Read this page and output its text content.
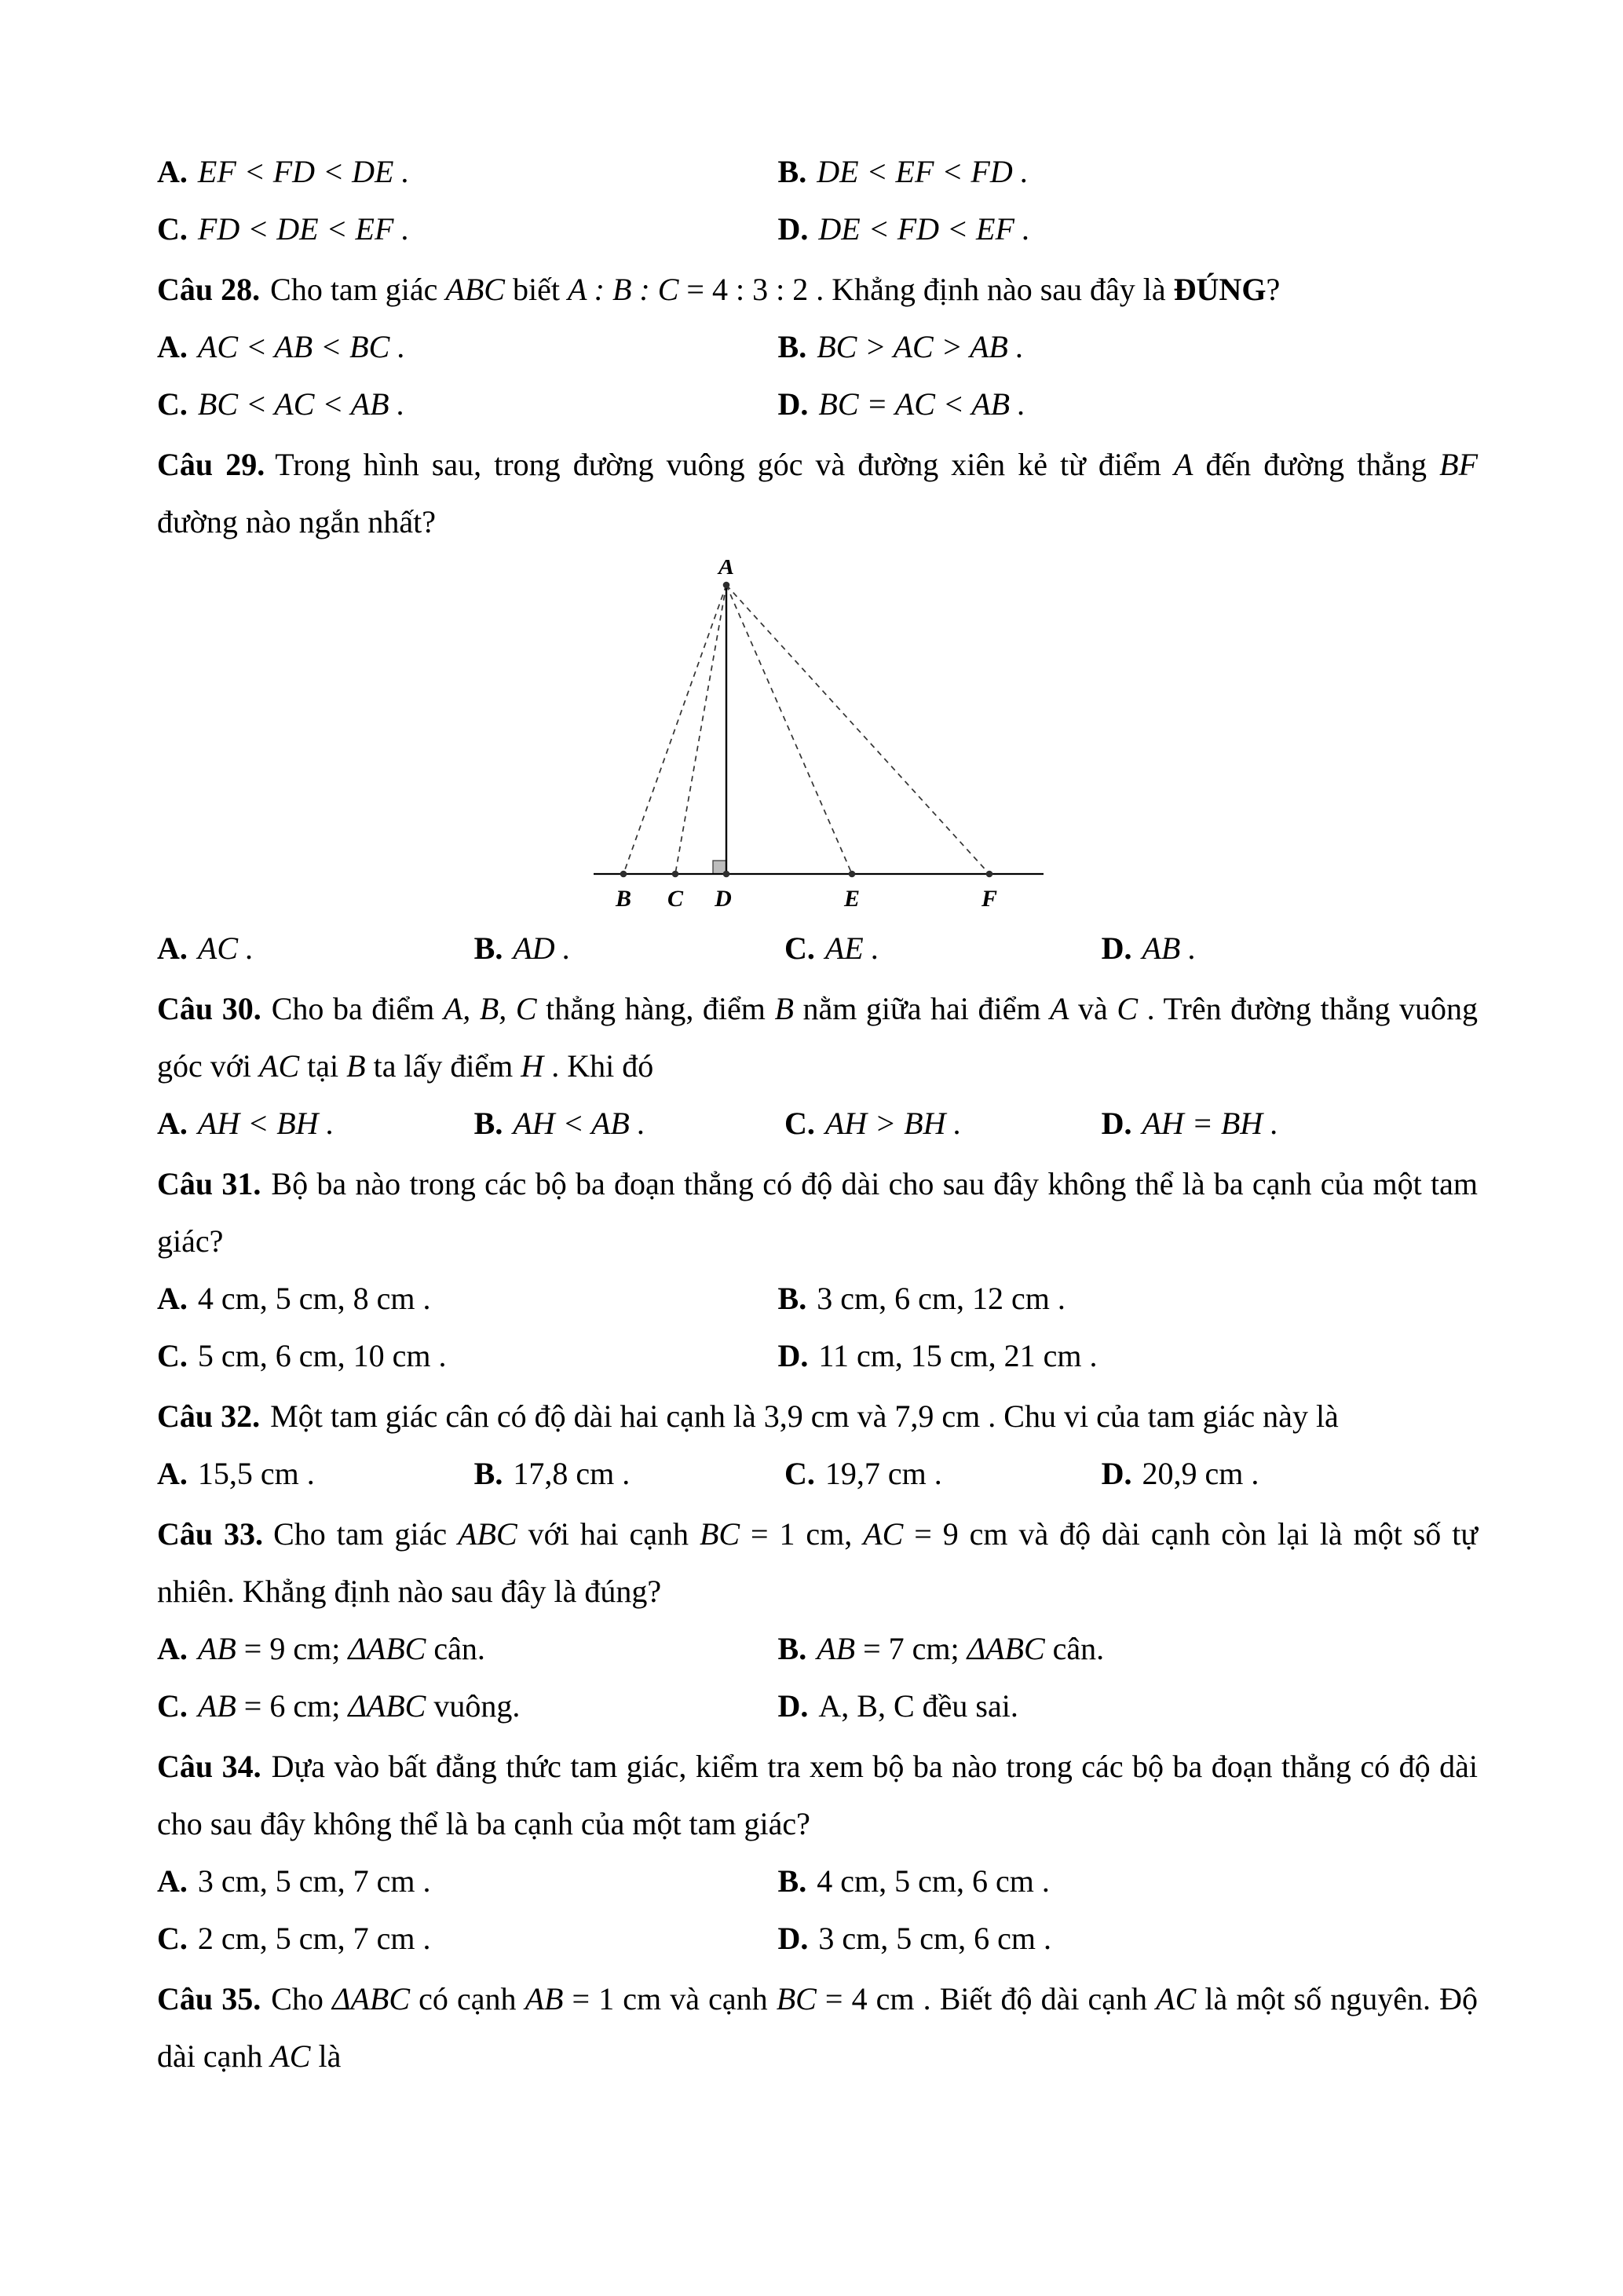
A. EF < FD < DE .	B. DE < EF < FD .
C. FD < DE < EF .	D. DE < FD < EF .

Câu 28. Cho tam giác ABC biết A : B : C = 4 : 3 : 2 . Khẳng định nào sau đây là ĐÚNG?

A. AC < AB < BC .	B. BC > AC > AB .
C. BC < AC < AB .	D. BC = AC < AB .

Câu 29. Trong hình sau, trong đường vuông góc và đường xiên kẻ từ điểm A đến đường thẳng BF đường nào ngắn nhất?

A
B C D	E	F
A. AC .	B. AD .	C. AE .	D. AB .

Câu 30. Cho ba điểm A, B, C thẳng hàng, điểm B nằm giữa hai điểm A và C . Trên đường thẳng vuông góc với AC tại B ta lấy điểm H . Khi đó

A. AH < BH .	B. AH < AB .	C. AH > BH .	D. AH = BH .

Câu 31. Bộ ba nào trong các bộ ba đoạn thẳng có độ dài cho sau đây không thể là ba cạnh của một tam giác?

A. 4 cm, 5 cm, 8 cm .	B. 3 cm, 6 cm, 12 cm .
C. 5 cm, 6 cm, 10 cm .	D. 11 cm, 15 cm, 21 cm .

Câu 32. Một tam giác cân có độ dài hai cạnh là 3,9 cm và 7,9 cm . Chu vi của tam giác này là

A. 15,5 cm .	B. 17,8 cm .	C. 19,7 cm .	D. 20,9 cm .

Câu 33. Cho tam giác ABC với hai cạnh BC = 1 cm, AC = 9 cm và độ dài cạnh còn lại là một số tự nhiên. Khẳng định nào sau đây là đúng?

A. AB = 9 cm; ΔABC cân.	B. AB = 7 cm; ΔABC cân.
C. AB = 6 cm; ΔABC vuông.	D. A, B, C đều sai.

Câu 34. Dựa vào bất đẳng thức tam giác, kiểm tra xem bộ ba nào trong các bộ ba đoạn thẳng có độ dài cho sau đây không thể là ba cạnh của một tam giác?

A. 3 cm, 5 cm, 7 cm .	B. 4 cm, 5 cm, 6 cm .
C. 2 cm, 5 cm, 7 cm .	D. 3 cm, 5 cm, 6 cm .

Câu 35. Cho ΔABC có cạnh AB = 1 cm và cạnh BC = 4 cm . Biết độ dài cạnh AC là một số nguyên. Độ dài cạnh AC là
